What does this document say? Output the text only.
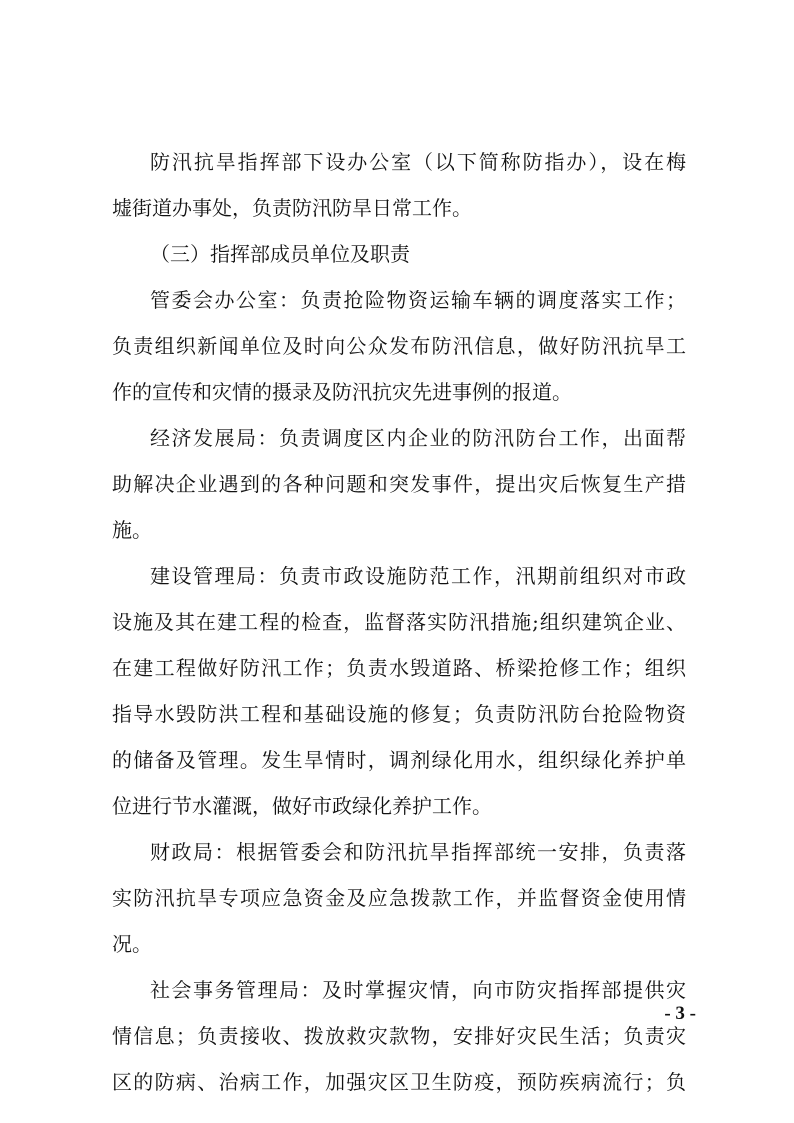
防汛抗旱指挥部下设办公室（以下简称防指办），设在梅
墟街道办事处，负责防汛防旱日常工作。
（三）指挥部成员单位及职责
管委会办公室：负责抢险物资运输车辆的调度落实工作；
负责组织新闻单位及时向公众发布防汛信息，做好防汛抗旱工
作的宣传和灾情的摄录及防汛抗灾先进事例的报道。
经济发展局：负责调度区内企业的防汛防台工作，出面帮
助解决企业遇到的各种问题和突发事件，提出灾后恢复生产措
施。
建设管理局：负责市政设施防范工作，汛期前组织对市政
设施及其在建工程的检查，监督落实防汛措施;组织建筑企业、
在建工程做好防汛工作；负责水毁道路、桥梁抢修工作；组织
指导水毁防洪工程和基础设施的修复；负责防汛防台抢险物资
的储备及管理。发生旱情时，调剂绿化用水，组织绿化养护单
位进行节水灌溉，做好市政绿化养护工作。
财政局：根据管委会和防汛抗旱指挥部统一安排，负责落
实防汛抗旱专项应急资金及应急拨款工作，并监督资金使用情
况。
社会事务管理局：及时掌握灾情，向市防灾指挥部提供灾
情信息；负责接收、拨放救灾款物，安排好灾民生活；负责灾
区的防病、治病工作，加强灾区卫生防疫，预防疾病流行；负
- 3 -
